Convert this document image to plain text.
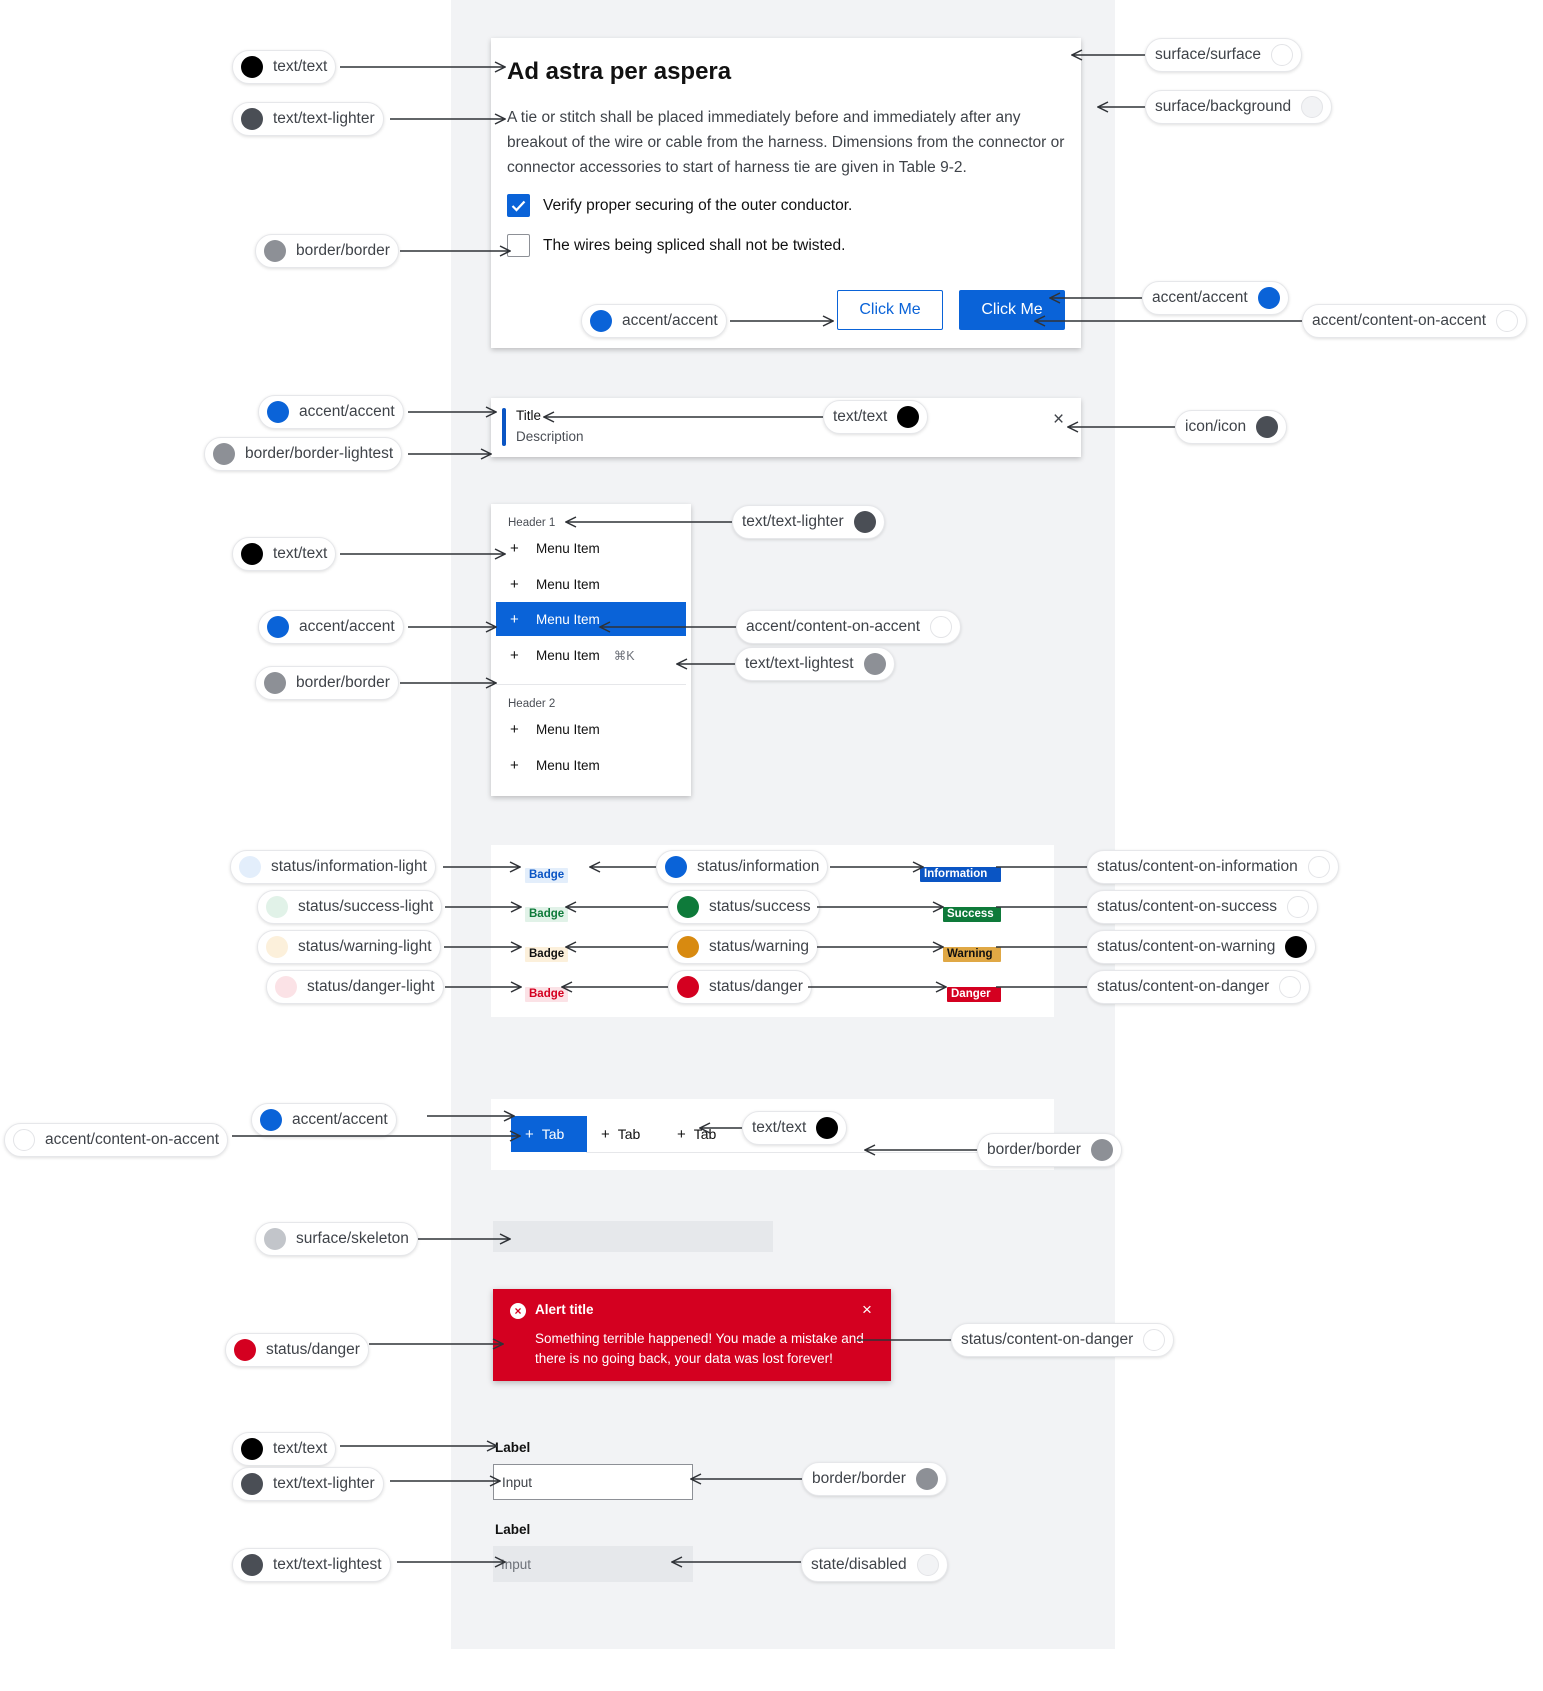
Ad astra per aspera
A tie or stitch shall be placed immediately before and immediately after any breakout of the wire or cable from the harness. Dimensions from the connector or connector accessories to start of harness tie are given in Table 9-2.
Verify proper securing of the outer conductor.
The wires being spliced shall not be twisted.
Click Me	Click Me
Title
Description
×
Header 1
+	Menu Item
+	Menu Item
+	Menu Item
+	Menu Item ⌘K
Header 2
+	Menu Item
+	Menu Item
Badge
Badge
Badge
Badge
Information
Success
Warning
Danger
+ Tab + Tab + Tab
×	Alert title
Something terrible happened! You made a mistake and there is no going back, your data was lost forever!
×
Label
Input
Label
Input
text/text
text/text-lighter
border/border
accent/accent
accent/accent
border/border-lightest
text/text
accent/accent
border/border
status/information-light
status/success-light
status/warning-light
status/danger-light
status/information
status/success
status/warning
status/danger
accent/accent
accent/content-on-accent
surface/skeleton
status/danger
text/text
text/text-lighter
text/text-lightest
surface/surface
surface/background
accent/accent
accent/content-on-accent
text/text
icon/icon
text/text-lighter
accent/content-on-accent
text/text-lightest
status/content-on-information
status/content-on-success
status/content-on-warning
status/content-on-danger
text/text
border/border
status/content-on-danger
border/border
state/disabled
